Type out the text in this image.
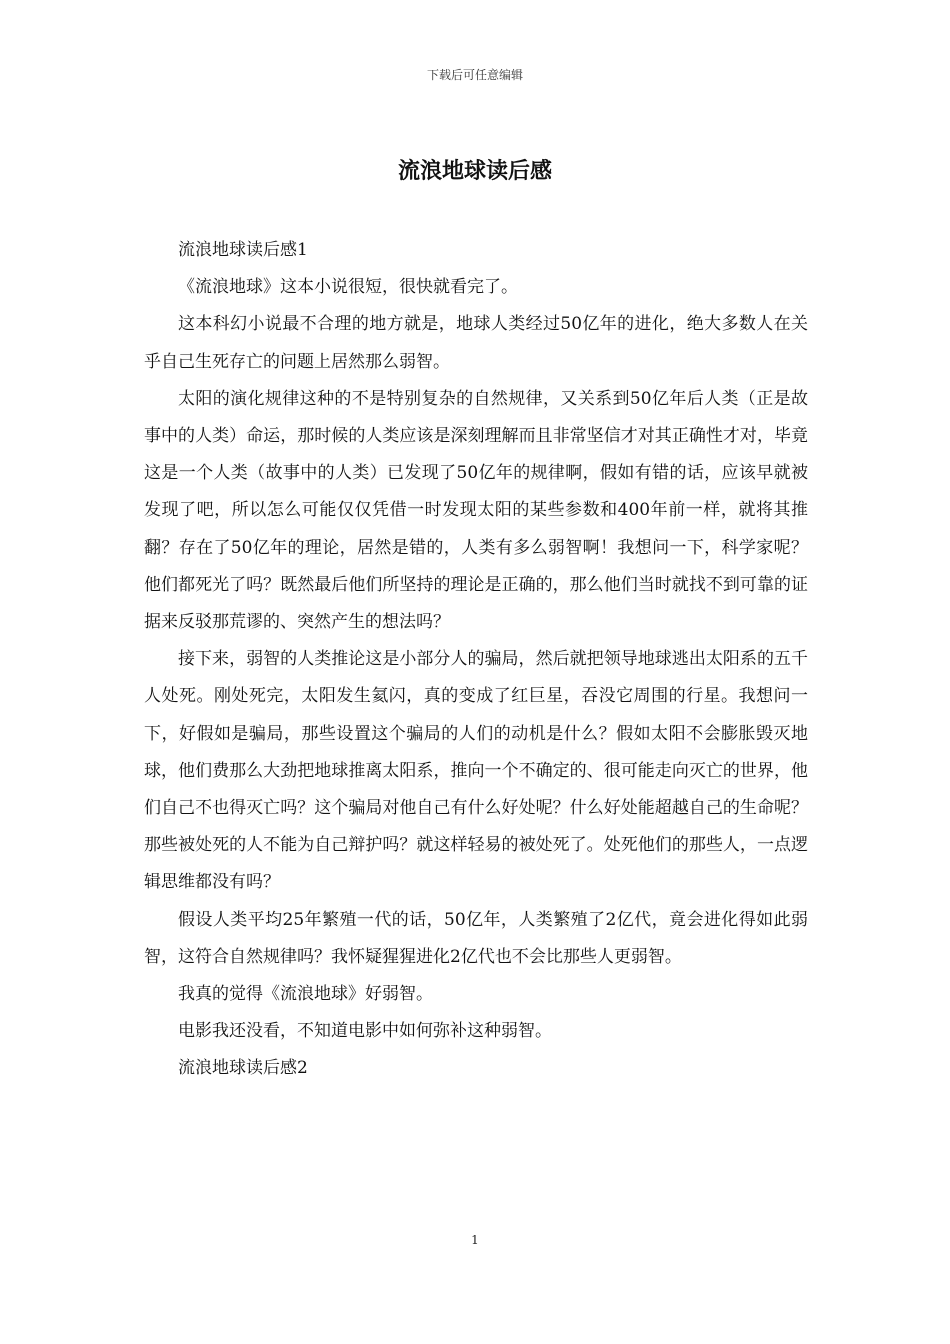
下载后可任意编辑
流浪地球读后感

流浪地球读后感1

《流浪地球》这本小说很短，很快就看完了。

这本科幻小说最不合理的地方就是，地球人类经过50亿年的进化，绝大多数人在关乎自己生死存亡的问题上居然那么弱智。

太阳的演化规律这种的不是特别复杂的自然规律，又关系到50亿年后人类（正是故事中的人类）命运，那时候的人类应该是深刻理解而且非常坚信才对其正确性才对，毕竟这是一个人类（故事中的人类）已发现了50亿年的规律啊，假如有错的话，应该早就被发现了吧，所以怎么可能仅仅凭借一时发现太阳的某些参数和400年前一样，就将其推翻？存在了50亿年的理论，居然是错的，人类有多么弱智啊！我想问一下，科学家呢？他们都死光了吗？既然最后他们所坚持的理论是正确的，那么他们当时就找不到可靠的证据来反驳那荒谬的、突然产生的想法吗？

接下来，弱智的人类推论这是小部分人的骗局，然后就把领导地球逃出太阳系的五千人处死。刚处死完，太阳发生氦闪，真的变成了红巨星，吞没它周围的行星。我想问一下，好假如是骗局，那些设置这个骗局的人们的动机是什么？假如太阳不会膨胀毁灭地球，他们费那么大劲把地球推离太阳系，推向一个不确定的、很可能走向灭亡的世界，他们自己不也得灭亡吗？这个骗局对他自己有什么好处呢？什么好处能超越自己的生命呢？那些被处死的人不能为自己辩护吗？就这样轻易的被处死了。处死他们的那些人，一点逻辑思维都没有吗？

假设人类平均25年繁殖一代的话，50亿年，人类繁殖了2亿代，竟会进化得如此弱智，这符合自然规律吗？我怀疑猩猩进化2亿代也不会比那些人更弱智。

我真的觉得《流浪地球》好弱智。

电影我还没看，不知道电影中如何弥补这种弱智。

流浪地球读后感2

1
